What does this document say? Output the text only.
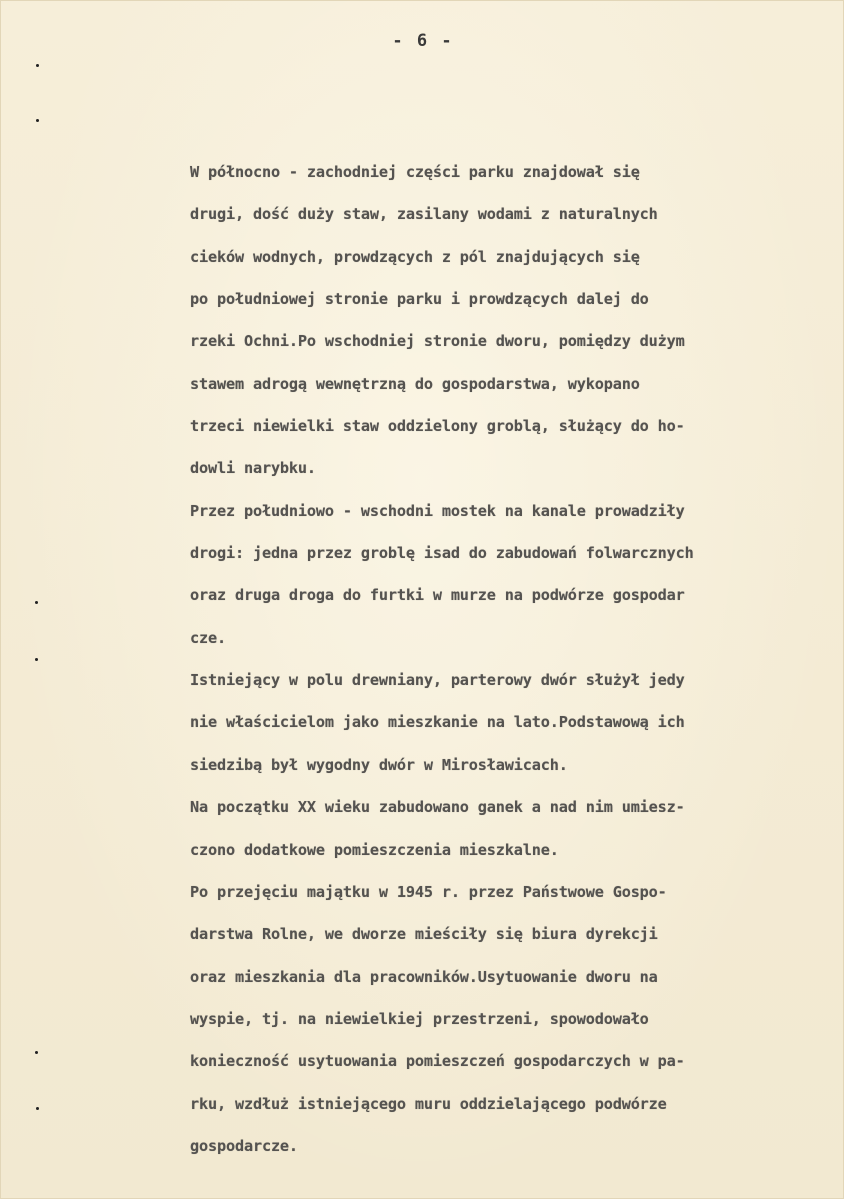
- 6 -
W północno - zachodniej części parku znajdował się
drugi, dość duży staw, zasilany wodami z naturalnych
cieków wodnych, prowdzących z pól znajdujących się
po południowej stronie parku i prowdzących dalej do
rzeki Ochni.Po wschodniej stronie dworu, pomiędzy dużym
stawem adrogą wewnętrzną do gospodarstwa, wykopano
trzeci niewielki staw oddzielony groblą, służący do ho-
dowli narybku.
Przez południowo - wschodni mostek na kanale prowadziły
drogi: jedna przez groblę isad do zabudowań folwarcznych
oraz druga droga do furtki w murze na podwórze gospodar
cze.
Istniejący w polu drewniany, parterowy dwór służył jedy
nie właścicielom jako mieszkanie na lato.Podstawową ich
siedzibą był wygodny dwór w Mirosławicach.
Na początku XX wieku zabudowano ganek a nad nim umiesz-
czono dodatkowe pomieszczenia mieszkalne.
Po przejęciu majątku w 1945 r. przez Państwowe Gospo-
darstwa Rolne, we dworze mieściły się biura dyrekcji
oraz mieszkania dla pracowników.Usytuowanie dworu na
wyspie, tj. na niewielkiej przestrzeni, spowodowało
konieczność usytuowania pomieszczeń gospodarczych w pa-
rku, wzdłuż istniejącego muru oddzielającego podwórze
gospodarcze.
